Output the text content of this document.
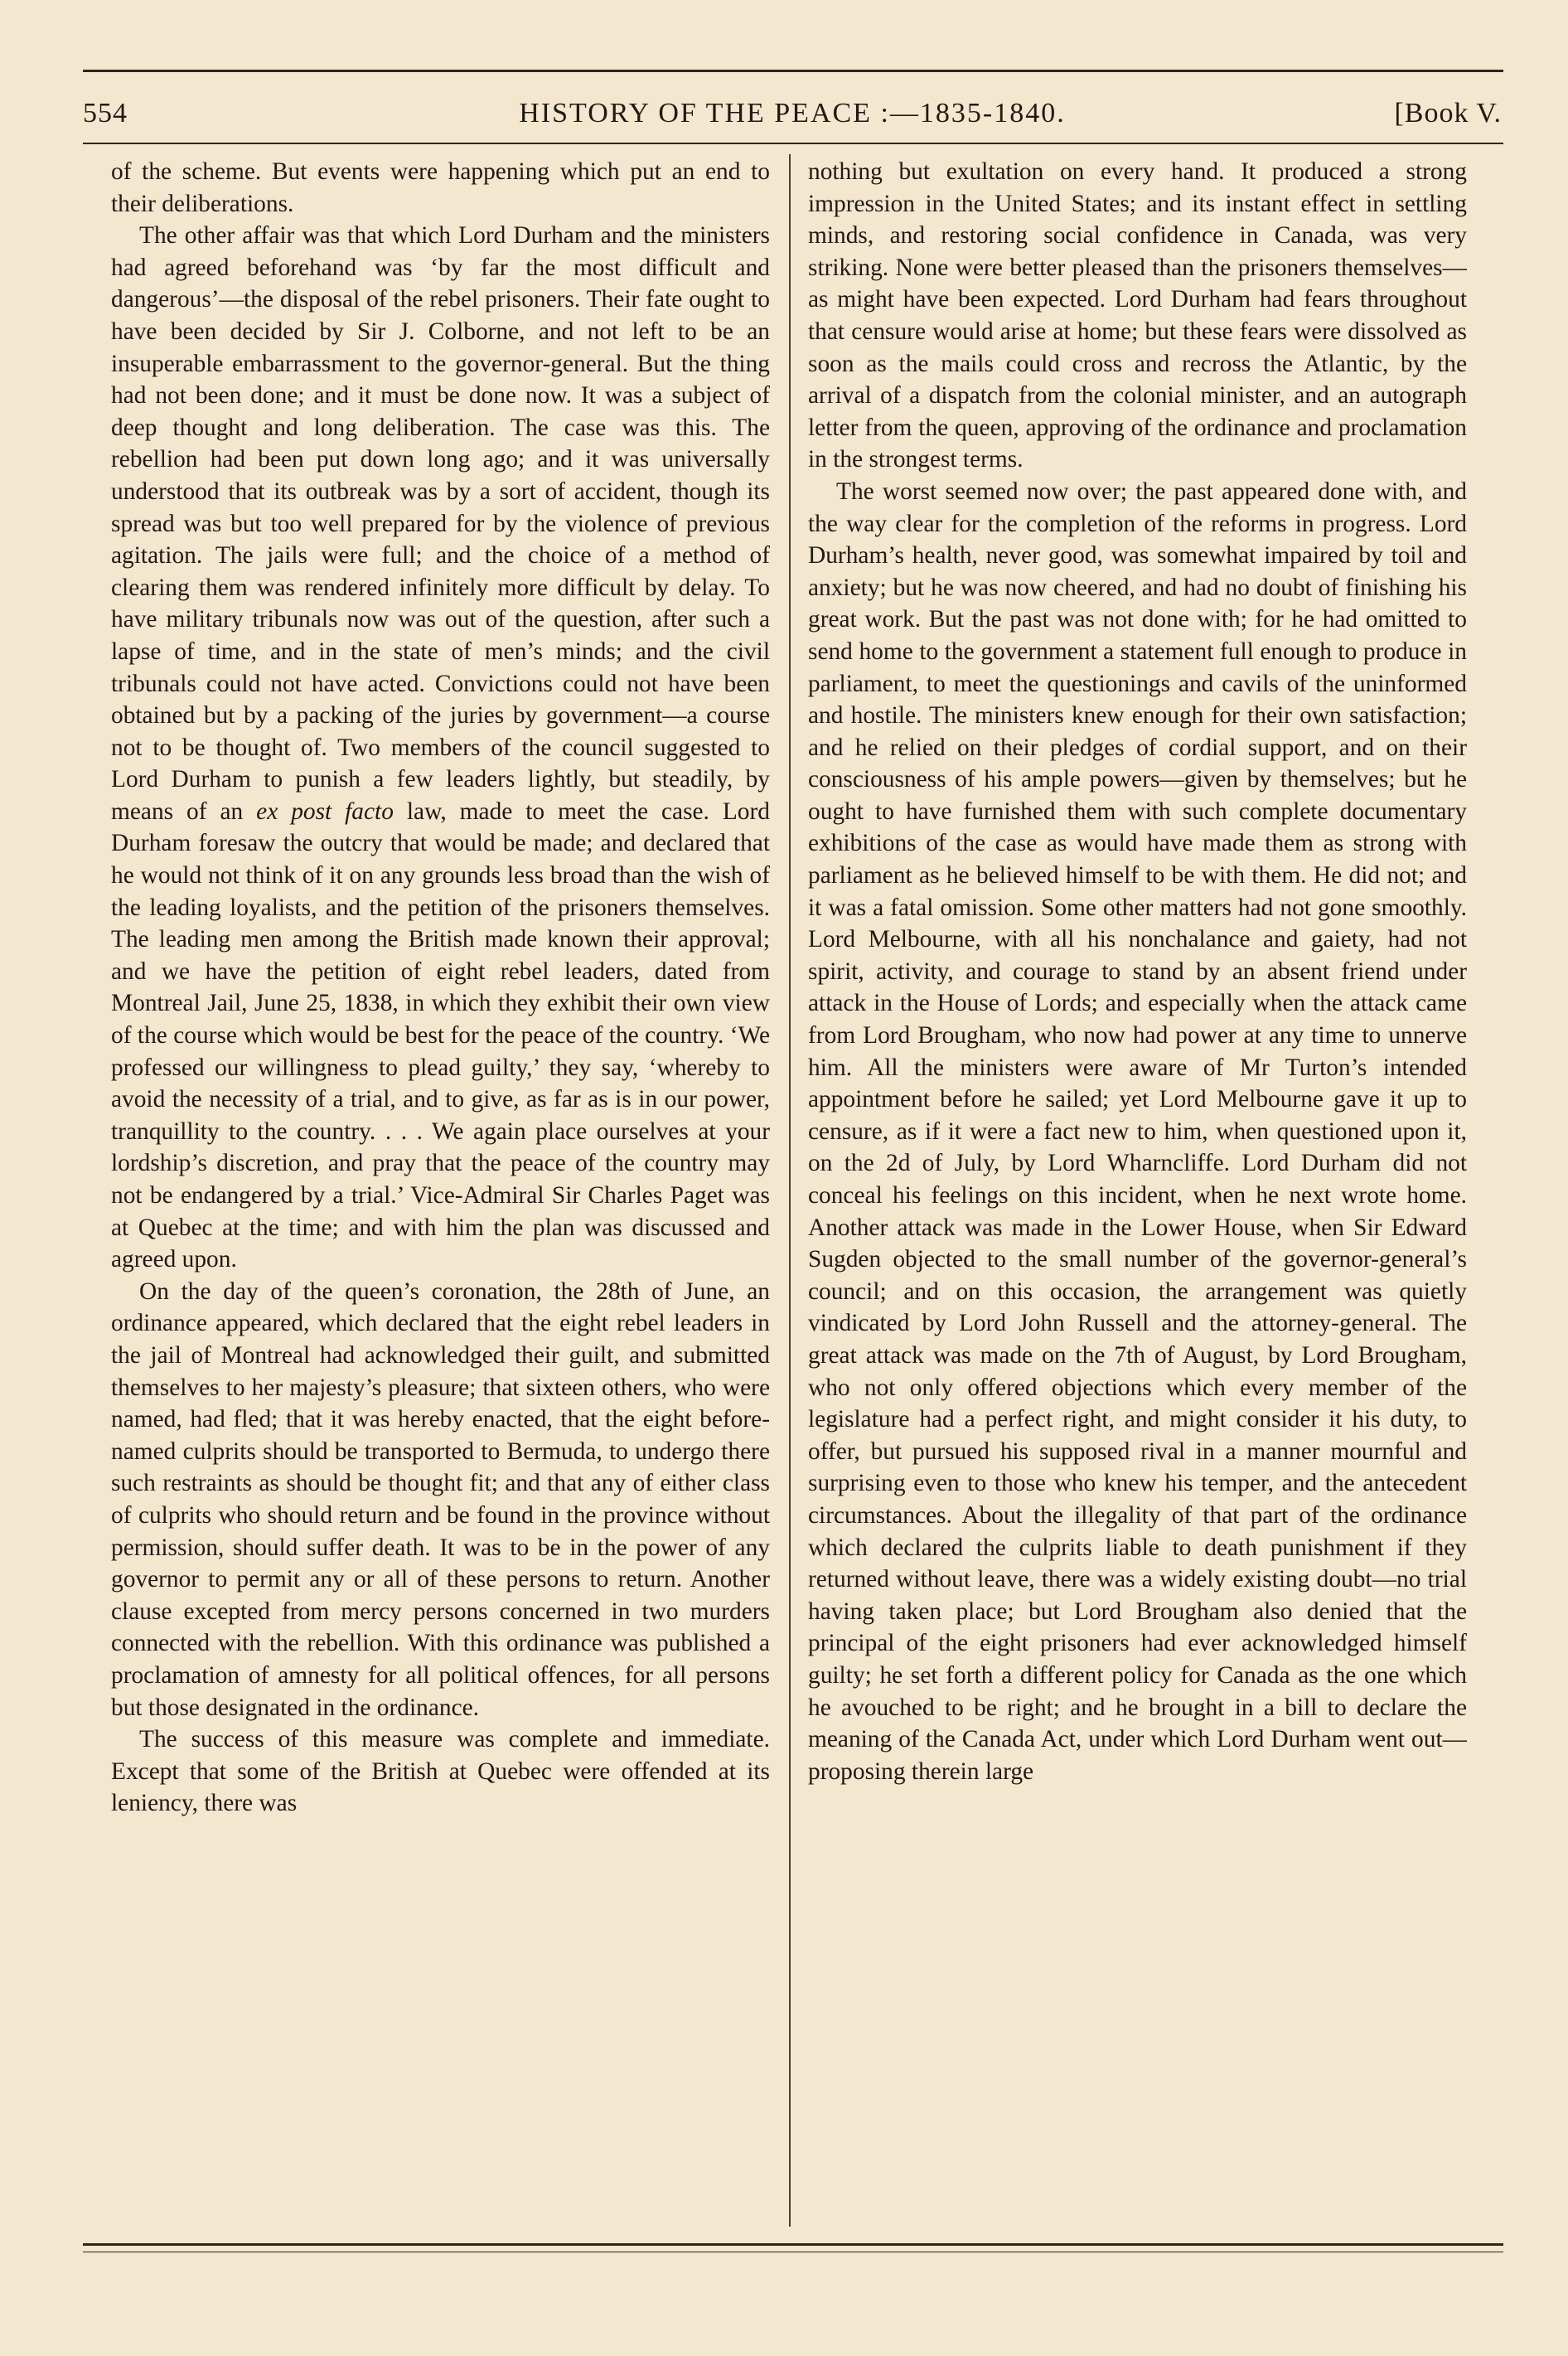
554	HISTORY OF THE PEACE :—1835-1840.	[Book V.

of the scheme. But events were happening which put an end to their deliberations.

The other affair was that which Lord Durham and the ministers had agreed beforehand was ‘by far the most difficult and dangerous’—the disposal of the rebel prisoners. Their fate ought to have been decided by Sir J. Colborne, and not left to be an insuperable embarrassment to the governor-general. But the thing had not been done; and it must be done now. It was a subject of deep thought and long deliberation. The case was this. The rebellion had been put down long ago; and it was universally understood that its outbreak was by a sort of accident, though its spread was but too well prepared for by the violence of previous agitation. The jails were full; and the choice of a method of clearing them was rendered infinitely more difficult by delay. To have military tribunals now was out of the question, after such a lapse of time, and in the state of men’s minds; and the civil tribunals could not have acted. Convictions could not have been obtained but by a packing of the juries by government—a course not to be thought of. Two members of the council suggested to Lord Durham to punish a few leaders lightly, but steadily, by means of an ex post facto law, made to meet the case. Lord Durham foresaw the outcry that would be made; and declared that he would not think of it on any grounds less broad than the wish of the leading loyalists, and the petition of the prisoners themselves. The leading men among the British made known their approval; and we have the petition of eight rebel leaders, dated from Montreal Jail, June 25, 1838, in which they exhibit their own view of the course which would be best for the peace of the country. ‘We professed our willingness to plead guilty,’ they say, ‘whereby to avoid the necessity of a trial, and to give, as far as is in our power, tranquillity to the country. . . . We again place ourselves at your lordship’s discretion, and pray that the peace of the country may not be endangered by a trial.’ Vice-Admiral Sir Charles Paget was at Quebec at the time; and with him the plan was discussed and agreed upon.

On the day of the queen’s coronation, the 28th of June, an ordinance appeared, which declared that the eight rebel leaders in the jail of Montreal had acknowledged their guilt, and submitted themselves to her majesty’s pleasure; that sixteen others, who were named, had fled; that it was hereby enacted, that the eight before-named culprits should be transported to Bermuda, to undergo there such restraints as should be thought fit; and that any of either class of culprits who should return and be found in the province without permission, should suffer death. It was to be in the power of any governor to permit any or all of these persons to return. Another clause excepted from mercy persons concerned in two murders connected with the rebellion. With this ordinance was published a proclamation of amnesty for all political offences, for all persons but those designated in the ordinance.

The success of this measure was complete and immediate. Except that some of the British at Quebec were offended at its leniency, there was

nothing but exultation on every hand. It produced a strong impression in the United States; and its instant effect in settling minds, and restoring social confidence in Canada, was very striking. None were better pleased than the prisoners themselves—as might have been expected. Lord Durham had fears throughout that censure would arise at home; but these fears were dissolved as soon as the mails could cross and recross the Atlantic, by the arrival of a dispatch from the colonial minister, and an autograph letter from the queen, approving of the ordinance and proclamation in the strongest terms.

The worst seemed now over; the past appeared done with, and the way clear for the completion of the reforms in progress. Lord Durham’s health, never good, was somewhat impaired by toil and anxiety; but he was now cheered, and had no doubt of finishing his great work. But the past was not done with; for he had omitted to send home to the government a statement full enough to produce in parliament, to meet the questionings and cavils of the uninformed and hostile. The ministers knew enough for their own satisfaction; and he relied on their pledges of cordial support, and on their consciousness of his ample powers—given by themselves; but he ought to have furnished them with such complete documentary exhibitions of the case as would have made them as strong with parliament as he believed himself to be with them. He did not; and it was a fatal omission. Some other matters had not gone smoothly. Lord Melbourne, with all his nonchalance and gaiety, had not spirit, activity, and courage to stand by an absent friend under attack in the House of Lords; and especially when the attack came from Lord Brougham, who now had power at any time to unnerve him. All the ministers were aware of Mr Turton’s intended appointment before he sailed; yet Lord Melbourne gave it up to censure, as if it were a fact new to him, when questioned upon it, on the 2d of July, by Lord Wharncliffe. Lord Durham did not conceal his feelings on this incident, when he next wrote home. Another attack was made in the Lower House, when Sir Edward Sugden objected to the small number of the governor-general’s council; and on this occasion, the arrangement was quietly vindicated by Lord John Russell and the attorney-general. The great attack was made on the 7th of August, by Lord Brougham, who not only offered objections which every member of the legislature had a perfect right, and might consider it his duty, to offer, but pursued his supposed rival in a manner mournful and surprising even to those who knew his temper, and the antecedent circumstances. About the illegality of that part of the ordinance which declared the culprits liable to death punishment if they returned without leave, there was a widely existing doubt—no trial having taken place; but Lord Brougham also denied that the principal of the eight prisoners had ever acknowledged himself guilty; he set forth a different policy for Canada as the one which he avouched to be right; and he brought in a bill to declare the meaning of the Canada Act, under which Lord Durham went out—proposing therein large
